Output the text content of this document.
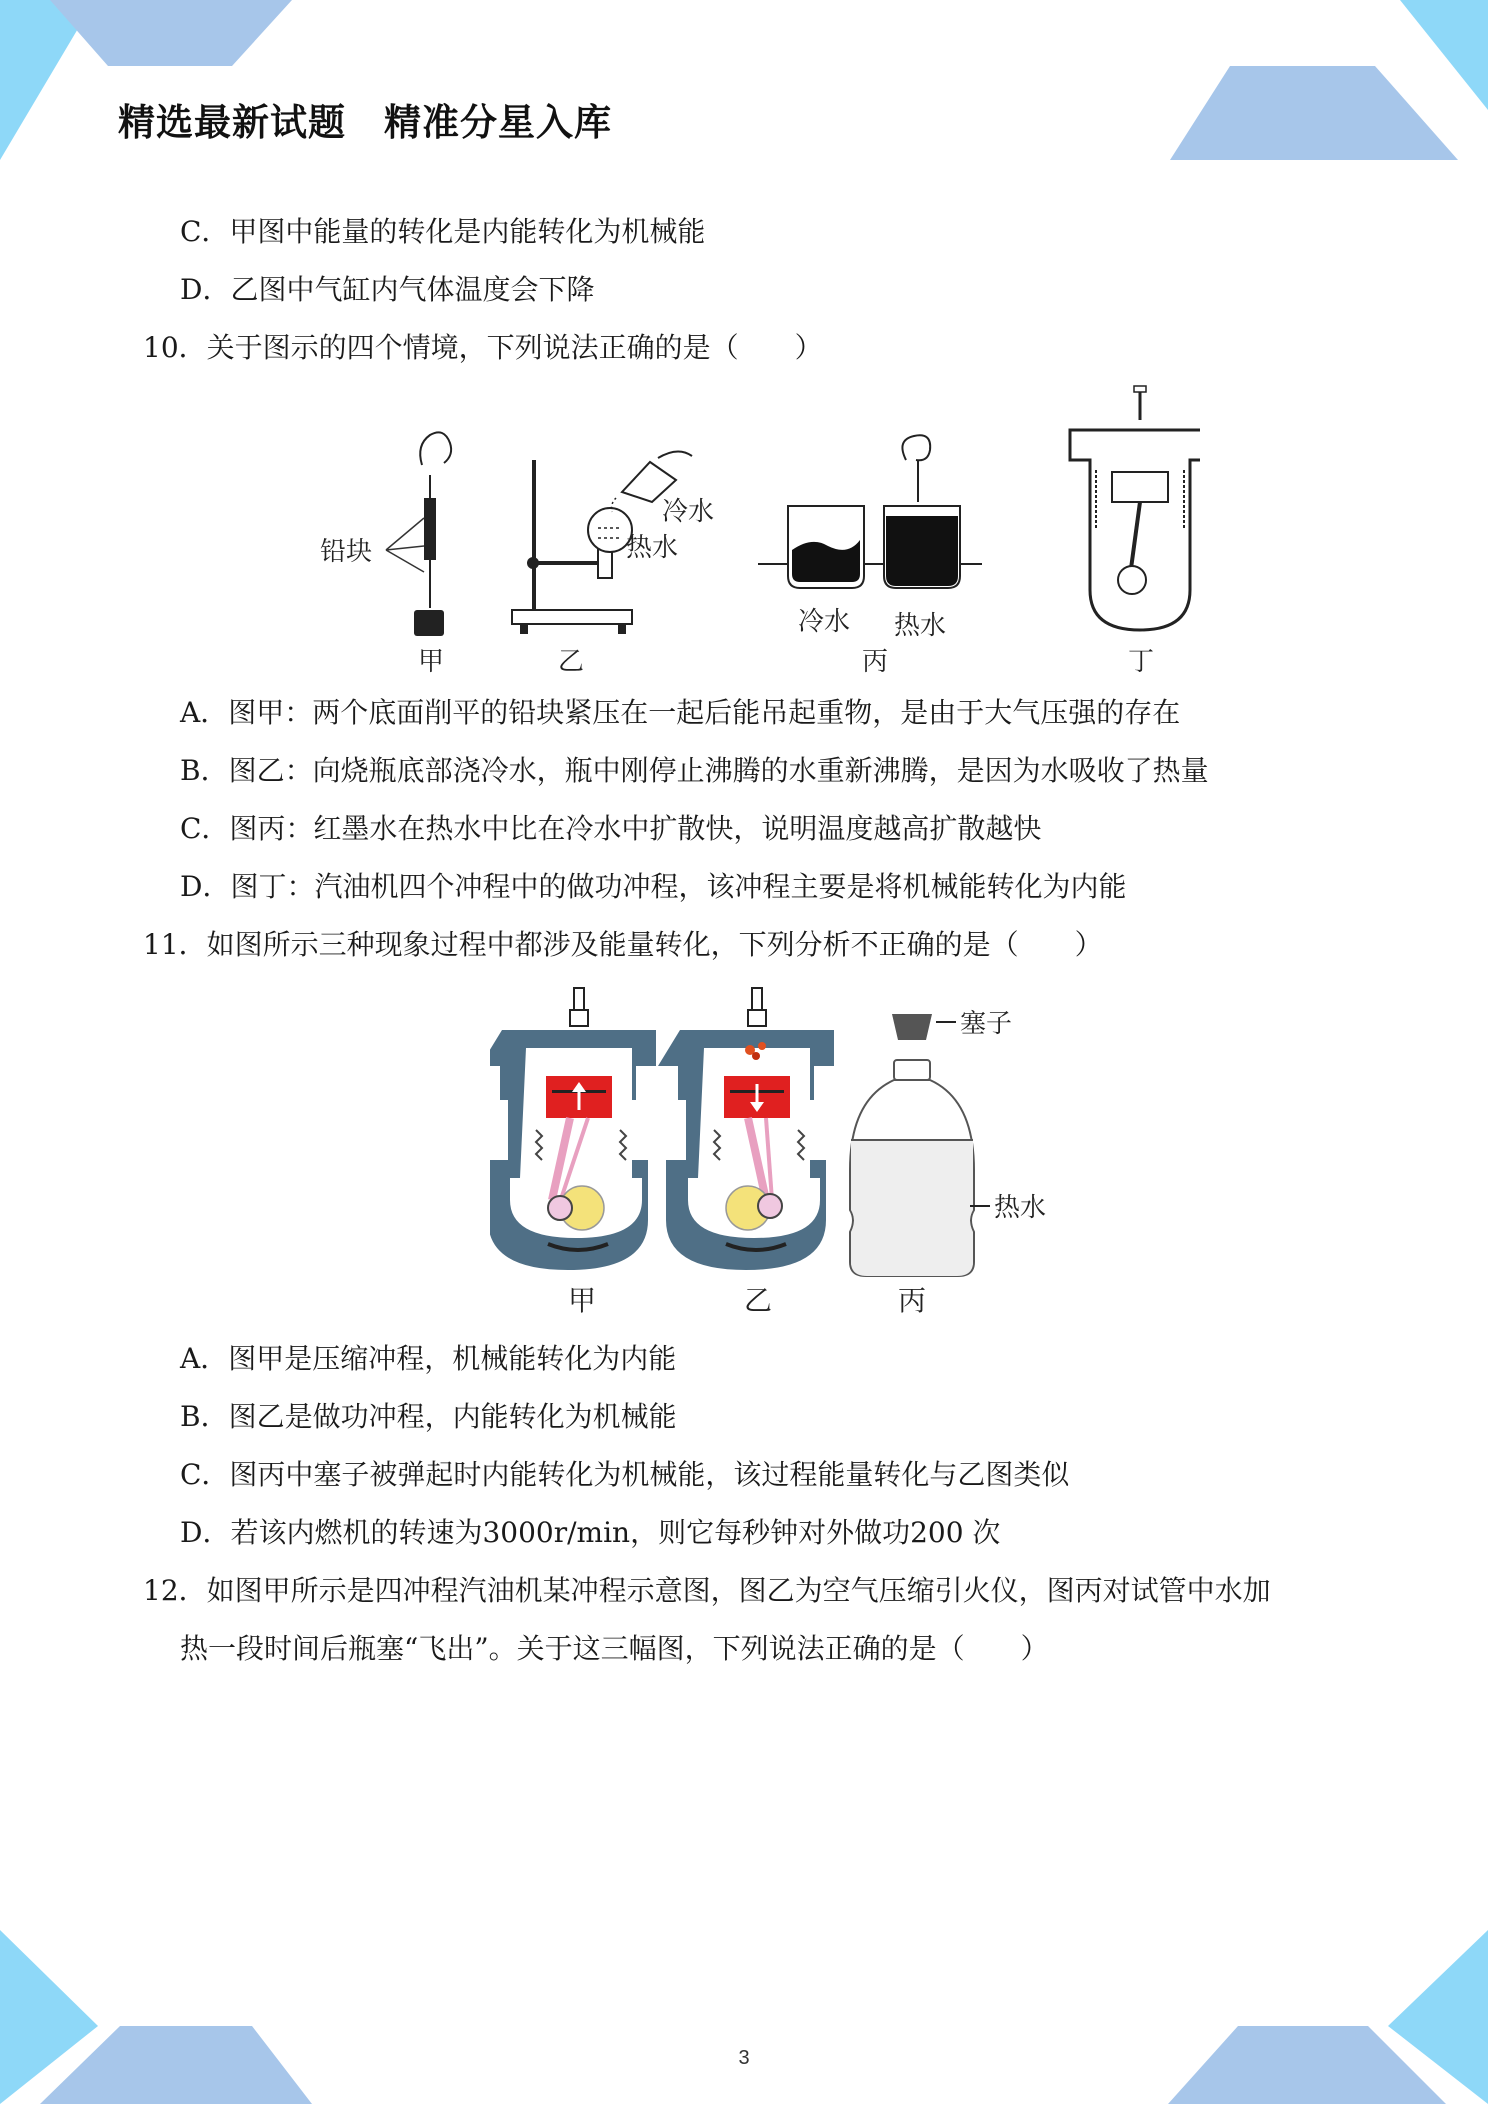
精选最新试题　精准分星入库
C．甲图中能量的转化是内能转化为机械能
D．乙图中气缸内气体温度会下降
10．关于图示的四个情境，下列说法正确的是（　　）
铅块
甲
冷水
热水
乙
冷水 热水
丙	丁
A．图甲：两个底面削平的铅块紧压在一起后能吊起重物，是由于大气压强的存在
B．图乙：向烧瓶底部浇冷水，瓶中刚停止沸腾的水重新沸腾，是因为水吸收了热量
C．图丙：红墨水在热水中比在冷水中扩散快，说明温度越高扩散越快
D．图丁：汽油机四个冲程中的做功冲程，该冲程主要是将机械能转化为内能
11．如图所示三种现象过程中都涉及能量转化，下列分析不正确的是（　　）
甲	乙
塞子
热水
丙
A．图甲是压缩冲程，机械能转化为内能
B．图乙是做功冲程，内能转化为机械能
C．图丙中塞子被弹起时内能转化为机械能，该过程能量转化与乙图类似
D．若该内燃机的转速为3000r/min，则它每秒钟对外做功200 次
12．如图甲所示是四冲程汽油机某冲程示意图，图乙为空气压缩引火仪，图丙对试管中水加
热一段时间后瓶塞“飞出”。关于这三幅图，下列说法正确的是（　　）
3
